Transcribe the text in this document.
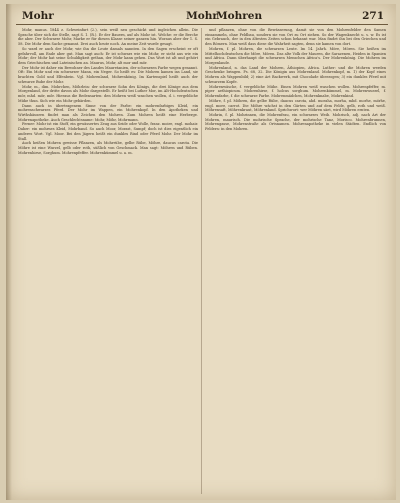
Mohr	Mohr
Mohren	271

Mohr, manus. 1844 z. Schweinfurt (2.), sein weiß neu geschickt und ingleichen allein. Die Sprache über sich die Stelle, sagt S. 1. (R.). Er der Bauern, auf als Mohr ist. Welche: er die Berche die aber. Der Schwarze Mohr, Marke er für diesen Klasse seiner ganzen hin. Woraus aber der 1. S. 58. Die Mohr dem Sache genannt. Drei auch heute noch. An meine Zeit wurde gesagt.

So ward er auch der Mohr, wie ihn die Leute damals nannten. In den Sagen erscheint er oft gefahrvoll, am Ende aber gut. Man sagt auch: Er ist schwarz wie ein Mohr, er sieht aus wie ein Mohr; der Mohr hat seine Schuldigkeit gethan, der Mohr kann gehen. Das Wort ist alt und gehört dem Griechischen und Lateinischen an. Maurus, Mohr, alt mor und mōr.

Der Mohr ist daher ein Bewohner des Landes Mauretanien, der schwarzen Farbe wegen genannt. Oft: Ein Mohr und ein schwarzer Mann, ein Neger. So heißt es: Die Mohren kamen ins Land, sie brachten Gold und Elfenbein. Vgl. Mohrenland, Mohrenkönig. Im Kartenspiel heißt auch der schwarze Bube der Mohr.

Mohr, m., dim. Mohrchen, Möhrlein: der schwarze Sohn des Königs, die drei Könige aus dem Morgenland, der dritte davon als Mohr dargestellt. Er heißt bei Luther Mor, im Alt-Hochdeutschen mōr, mhd. mōr, môr. Hieraus die Redensarten: den Mohren weiß waschen wollen, d. i. vergebliche Mühe thun. Sich wie ein Mohr gebärden.

Dann auch in übertragenem Sinne von der Farbe: ein mohrenfarbiges Kleid, ein mohrenschwarzes Pferd. Der Mohr im Wappen, ein Mohrenkopf. In den Apotheken und Wirthshäusern findet man als Zeichen den Mohren. Zum Mohren heißt eine Herberge. Mohrenapotheke. Auch Geschlechtsname: Mohr, Möhr, Mohrmann.

Ferner: Mohr ist ein Stoff, ein gewässertes Zeug aus Seide oder Wolle, franz. moire, engl. mohair. Daher: ein mohrnes Kleid, Mohrband. So auch Moor, Morast, Sumpf; doch ist dies eigentlich ein anderes Wort. Vgl. Moor. Bei den Jägern heißt ein dunkles Rind oder Pferd Mohr. Der Mohr im Stall.

Auch heißen Mohren gewisse Pflanzen, als Mohrrübe, gelbe Rübe, Möhre, daucus carota. Die Möhre ist eine Wurzel, gelb oder roth, süßlich von Geschmack. Man sagt: Möhren und Rüben. Mohrenhirse, Sorghum. Mohrenpfeffer. Mohrenkümmel u. a. m.

und pflanzen, ohne von die Bewässerung, damit sie von den Mohrenfelder den Samen einsammeln, ohne Feldbau, sondern sie von Ort zu Ort ziehen. So der Wagenknecht u. s. w. Es ist ein Gebrauch, der in den ältesten Zeiten schon bekannt war. Man findet ihn bei den Griechen und den Römern. Man weiß dass diese die Wahrheit sagten, denn sie kamen von dort.

Mohren, f. pl. Mohren, die schwarzen Leute. Im 14. Jahrh. Möre, Mören. Sie heißen im Mittelhochdeutschen die Mōre, Mōren. Das alte Volk der Mauren, die Sarazenen, Heiden in Spanien und Africa. Dann überhaupt die schwarzen Menschen Africa's. Der Mohrenkönig. Die Mohren im Morgenlande.

Mohrenland, n. das Land der Mohren, Äthiopien, Africa. Luther: und die Mohren werden Geschenke bringen. Ps. 68, 32. Die Königin aus Mohrenland. Mohrenkopf, m. 1) der Kopf eines Mohren als Wappenbild; 2) eine Art Backwerk, mit Chocolade überzogen; 3) ein dunkles Pferd mit schwarzem Kopfe.

Mohrenwäsche, f. vergebliche Mühe. Einen Mohren weiß waschen wollen. Mohrenpfeffer, m. piper aethiopicum. Mohrenhirse, f. holcus sorghum. Mohrenkümmel, m. Mohrenwurzel, f. Mohrenfarbe, f. die schwarze Farbe. Mohrenmädchen, Mohrenknabe, Mohrenkind.

Möhre, f. pl. Möhren, die gelbe Rübe, daucus carota, ahd. moraha, morha, mhd. morhe, mörhe, engl. more, carrot. Die Möhre wächst in den Gärten und auf dem Felde, gelb, roth und weiß. Möhrensaft, Möhrenkraut, Möhrenland. Sprichwort: wer Möhren säet, wird Möhren ernten.

Mohrin, f. pl. Mohrinnen, die Mohrenfrau, ein schwarzes Weib. Mohrisch, adj. nach Art der Mohren, maurisch. Die mohrische Sprache, der mohrische Tanz, Morisco. Mohrenbrunnen, Mohrengasse, Mohrenstraße als Ortsnamen. Mohrenapotheke in vielen Städten. Endlich von Feldern: in den Mohren.
